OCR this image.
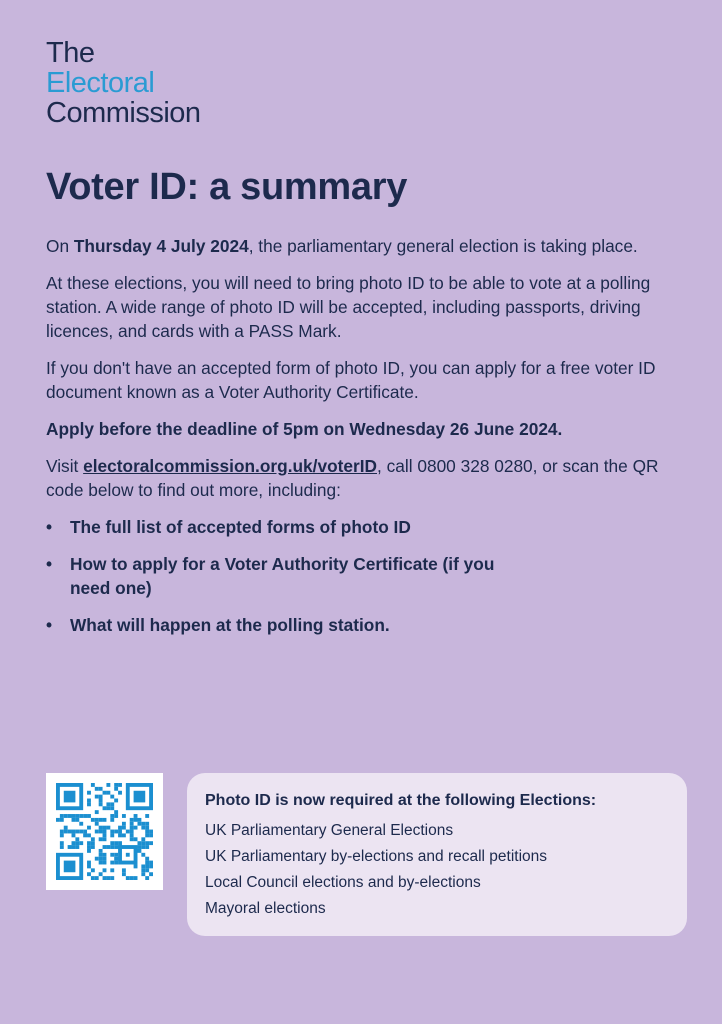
The
Electoral
Commission
Voter ID: a summary

On Thursday 4 July 2024, the parliamentary general election is taking place.

At these elections, you will need to bring photo ID to be able to vote at a polling station. A wide range of photo ID will be accepted, including passports, driving licences, and cards with a PASS Mark.

If you don't have an accepted form of photo ID, you can apply for a free voter ID document known as a Voter Authority Certificate.

Apply before the deadline of 5pm on Wednesday 26 June 2024.

Visit electoralcommission.org.uk/voterID, call 0800 328 0280, or scan the QR code below to find out more, including:

• The full list of accepted forms of photo ID
• How to apply for a Voter Authority Certificate (if you need one)
• What will happen at the polling station.
Photo ID is now required at the following Elections:
UK Parliamentary General Elections
UK Parliamentary by-elections and recall petitions
Local Council elections and by-elections
Mayoral elections
